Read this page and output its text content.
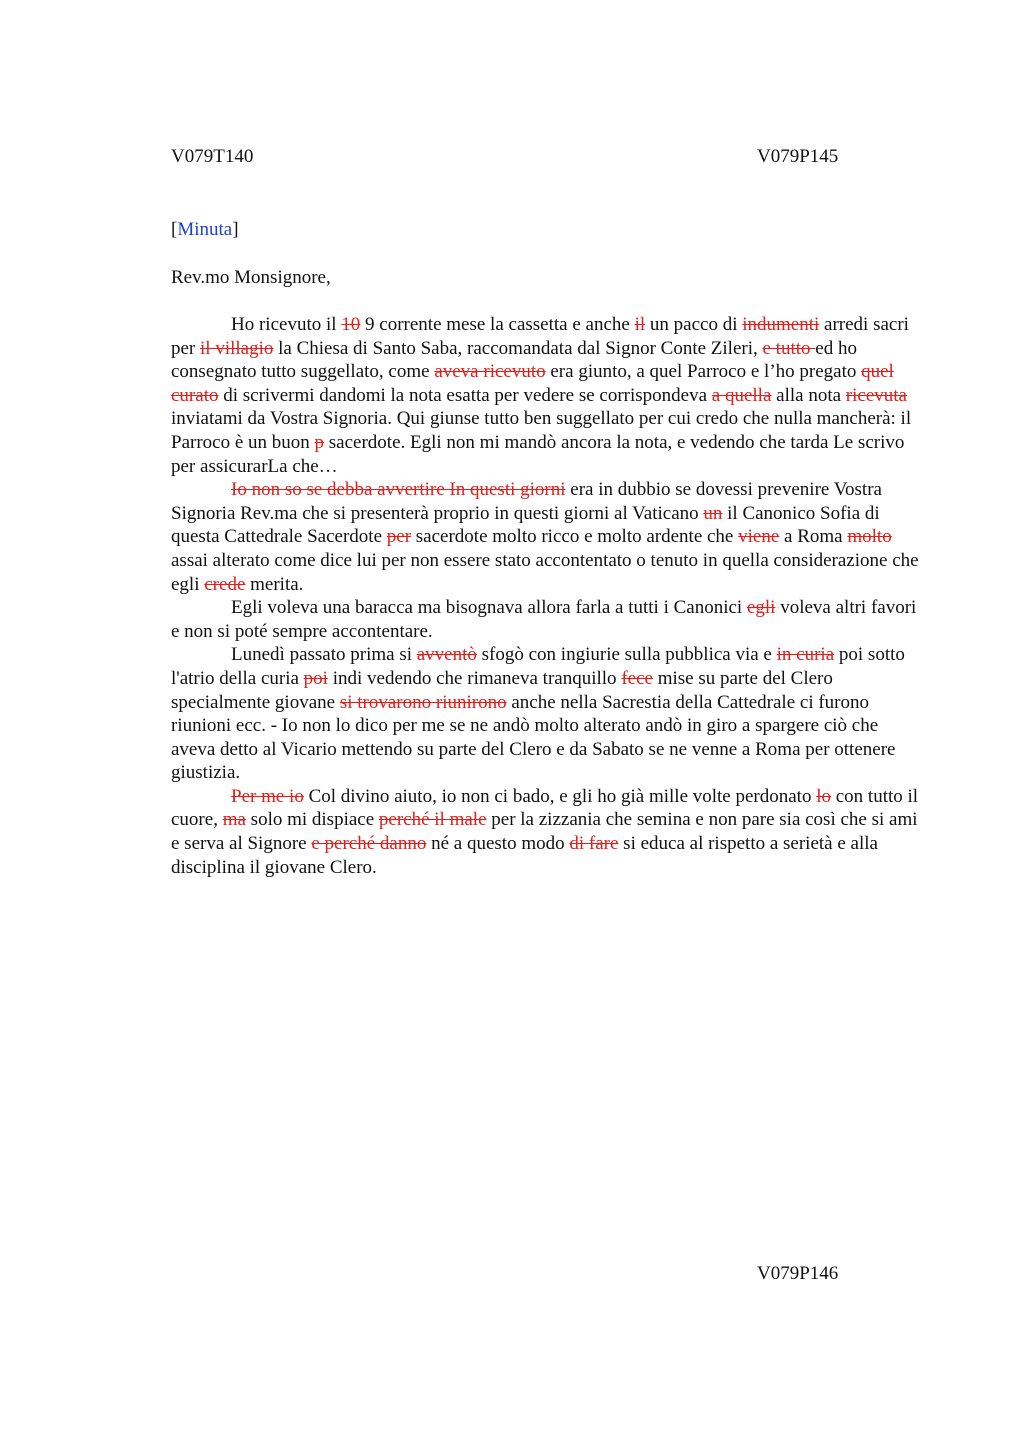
V079T140	V079P145
[Minuta]
Rev.mo Monsignore,

Ho ricevuto il 10 9 corrente mese la cassetta e anche il un pacco di indumenti arredi sacri per il villagio la Chiesa di Santo Saba, raccomandata dal Signor Conte Zileri, e tutto ed ho consegnato tutto suggellato, come aveva ricevuto era giunto, a quel Parroco e l’ho pregato quel curato di scrivermi dandomi la nota esatta per vedere se corrispondeva a quella alla nota ricevuta inviatami da Vostra Signoria. Qui giunse tutto ben suggellato per cui credo che nulla mancherà: il Parroco è un buon p sacerdote. Egli non mi mandò ancora la nota, e vedendo che tarda Le scrivo per assicurarLa che…

Io non so se debba avvertire In questi giorni era in dubbio se dovessi prevenire Vostra Signoria Rev.ma che si presenterà proprio in questi giorni al Vaticano un il Canonico Sofia di questa Cattedrale Sacerdote per sacerdote molto ricco e molto ardente che viene a Roma molto assai alterato come dice lui per non essere stato accontentato o tenuto in quella considerazione che egli crede merita.

Egli voleva una baracca ma bisognava allora farla a tutti i Canonici egli voleva altri favori e non si poté sempre accontentare.

Lunedì passato prima si avventò sfogò con ingiurie sulla pubblica via e in curia poi sotto l'atrio della curia poi indi vedendo che rimaneva tranquillo fece mise su parte del Clero specialmente giovane si trovarono riunirono anche nella Sacrestia della Cattedrale ci furono riunioni ecc. - Io non lo dico per me se ne andò molto alterato andò in giro a spargere ciò che aveva detto al Vicario mettendo su parte del Clero e da Sabato se ne venne a Roma per ottenere giustizia.

Per me io Col divino aiuto, io non ci bado, e gli ho già mille volte perdonato lo con tutto il cuore, ma solo mi dispiace perché il male per la zizzania che semina e non pare sia così che si ami e serva al Signore e perché danno né a questo modo di fare si educa al rispetto a serietà e alla disciplina il giovane Clero.

V079P146
